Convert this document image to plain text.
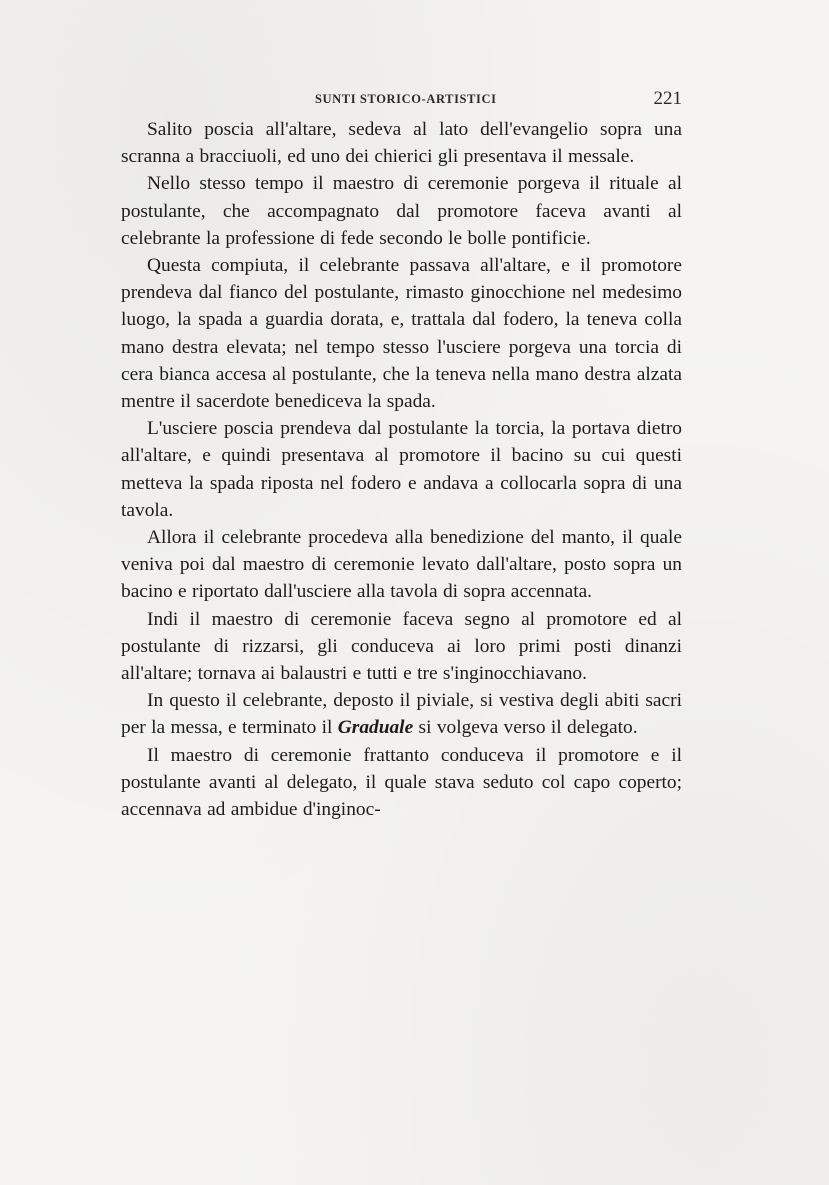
SUNTI STORICO-ARTISTICI	221

Salito poscia all'altare, sedeva al lato dell'evangelio sopra una scranna a bracciuoli, ed uno dei chierici gli presentava il messale.

Nello stesso tempo il maestro di ceremonie porgeva il rituale al postulante, che accompagnato dal promotore faceva avanti al celebrante la professione di fede secondo le bolle pontificie.

Questa compiuta, il celebrante passava all'altare, e il promotore prendeva dal fianco del postulante, rimasto ginocchione nel medesimo luogo, la spada a guardia dorata, e, trattala dal fodero, la teneva colla mano destra elevata; nel tempo stesso l'usciere porgeva una torcia di cera bianca accesa al postulante, che la teneva nella mano destra alzata mentre il sacerdote benediceva la spada.

L'usciere poscia prendeva dal postulante la torcia, la portava dietro all'altare, e quindi presentava al promotore il bacino su cui questi metteva la spada riposta nel fodero e andava a collocarla sopra di una tavola.

Allora il celebrante procedeva alla benedizione del manto, il quale veniva poi dal maestro di ceremonie levato dall'altare, posto sopra un bacino e riportato dall'usciere alla tavola di sopra accennata.

Indi il maestro di ceremonie faceva segno al promotore ed al postulante di rizzarsi, gli conduceva ai loro primi posti dinanzi all'altare; tornava ai balaustri e tutti e tre s'inginocchiavano.

In questo il celebrante, deposto il piviale, si vestiva degli abiti sacri per la messa, e terminato il Graduale si volgeva verso il delegato.

Il maestro di ceremonie frattanto conduceva il promotore e il postulante avanti al delegato, il quale stava seduto col capo coperto; accennava ad ambidue d'inginoc-
